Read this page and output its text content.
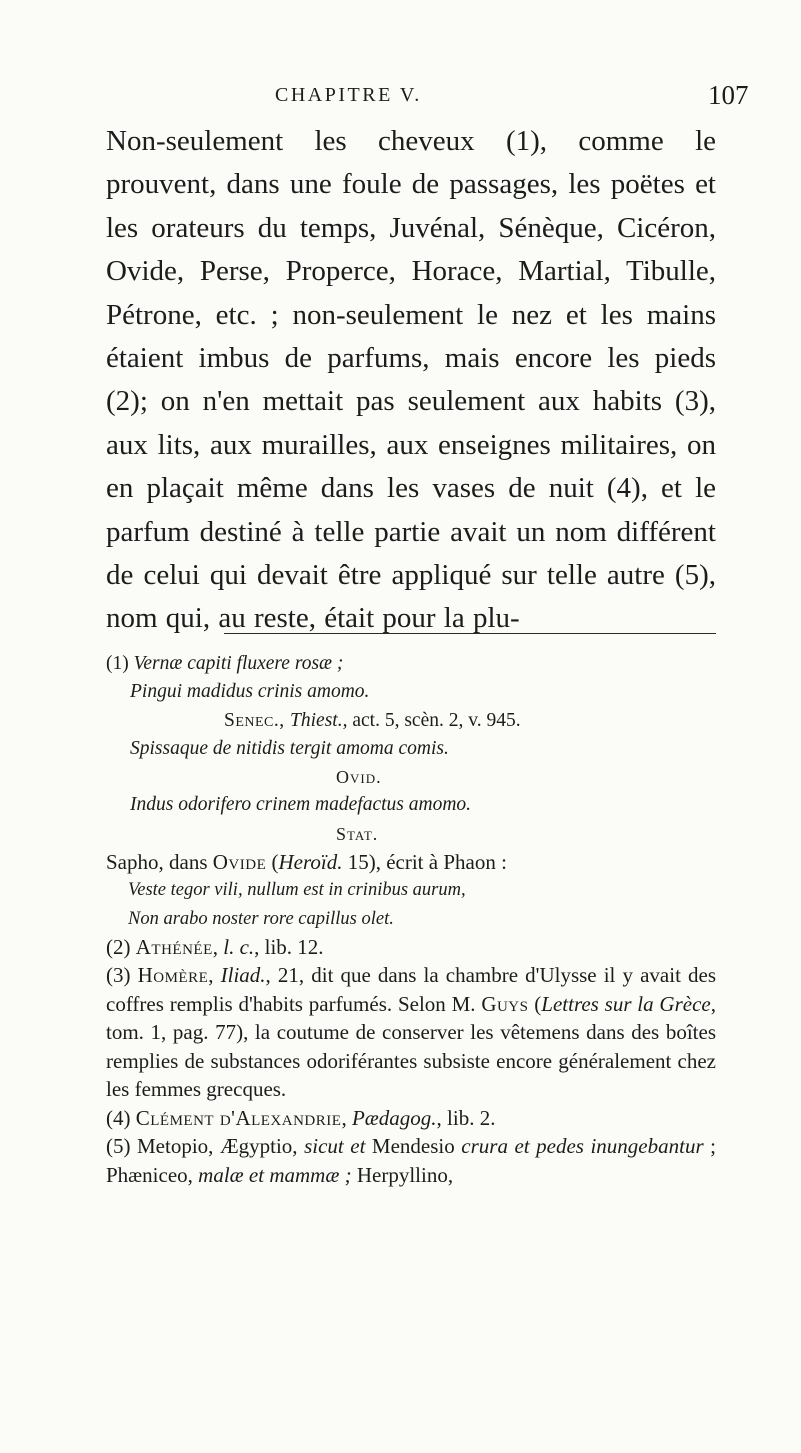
CHAPITRE V.	107

Non-seulement les cheveux (1), comme le prouvent, dans une foule de passages, les poëtes et les orateurs du temps, Juvénal, Sénèque, Cicéron, Ovide, Perse, Properce, Horace, Martial, Tibulle, Pétrone, etc. ; non-seulement le nez et les mains étaient imbus de parfums, mais encore les pieds (2); on n'en mettait pas seulement aux habits (3), aux lits, aux murailles, aux enseignes militaires, on en plaçait même dans les vases de nuit (4), et le parfum destiné à telle partie avait un nom différent de celui qui devait être appliqué sur telle autre (5), nom qui, au reste, était pour la plu-

(1) Vernæ capiti fluxere rosæ ;
Pingui madidus crinis amomo.
Senec., Thiest., act. 5, scèn. 2, v. 945.
Spissaque de nitidis tergit amoma comis.
Ovid.
Indus odorifero crinem madefactus amomo.
Stat.
Sapho, dans Ovide (Heroïd. 15), écrit à Phaon :
Veste tegor vili, nullum est in crinibus aurum,
Non arabo noster rore capillus olet.
(2) Athénée, l. c., lib. 12.

(3) Homère, Iliad., 21, dit que dans la chambre d'Ulysse il y avait des coffres remplis d'habits parfumés. Selon M. Guys (Lettres sur la Grèce, tom. 1, pag. 77), la coutume de conserver les vêtemens dans des boîtes remplies de substances odoriférantes subsiste encore généralement chez les femmes grecques.

(4) Clément d'Alexandrie, Pædagog., lib. 2.

(5) Metopio, Ægyptio, sicut et Mendesio crura et pedes inungebantur ; Phæniceo, malæ et mammæ ; Herpyllino,
